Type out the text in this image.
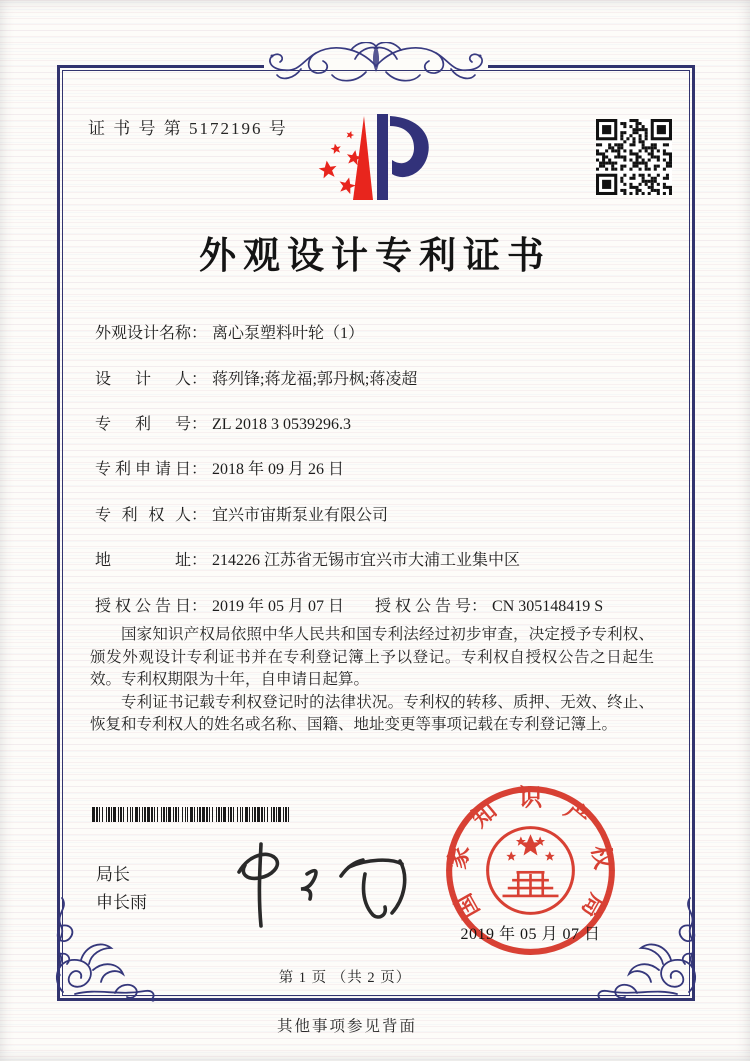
证 书 号 第 5172196 号
外观设计专利证书
外观设计名称： 离心泵塑料叶轮（1）
设计人： 蒋列锋;蒋龙福;郭丹枫;蒋凌超
专利号： ZL 2018 3 0539296.3
专利申请日： 2018 年 09 月 26 日
专利权人： 宜兴市宙斯泵业有限公司
地址： 214226 江苏省无锡市宜兴市大浦工业集中区
授权公告日： 2019 年 05 月 07 日 授权公告号： CN 305148419 S

国家知识产权局依照中华人民共和国专利法经过初步审查，决定授予专利权、颁发外观设计专利证书并在专利登记簿上予以登记。专利权自授权公告之日起生效。专利权期限为十年，自申请日起算。

专利证书记载专利权登记时的法律状况。专利权的转移、质押、无效、终止、恢复和专利权人的姓名或名称、国籍、地址变更等事项记载在专利登记簿上。

局长
申长雨	国家知识产权局
2019 年 05 月 07 日
第 1 页 （共 2 页）
其他事项参见背面
